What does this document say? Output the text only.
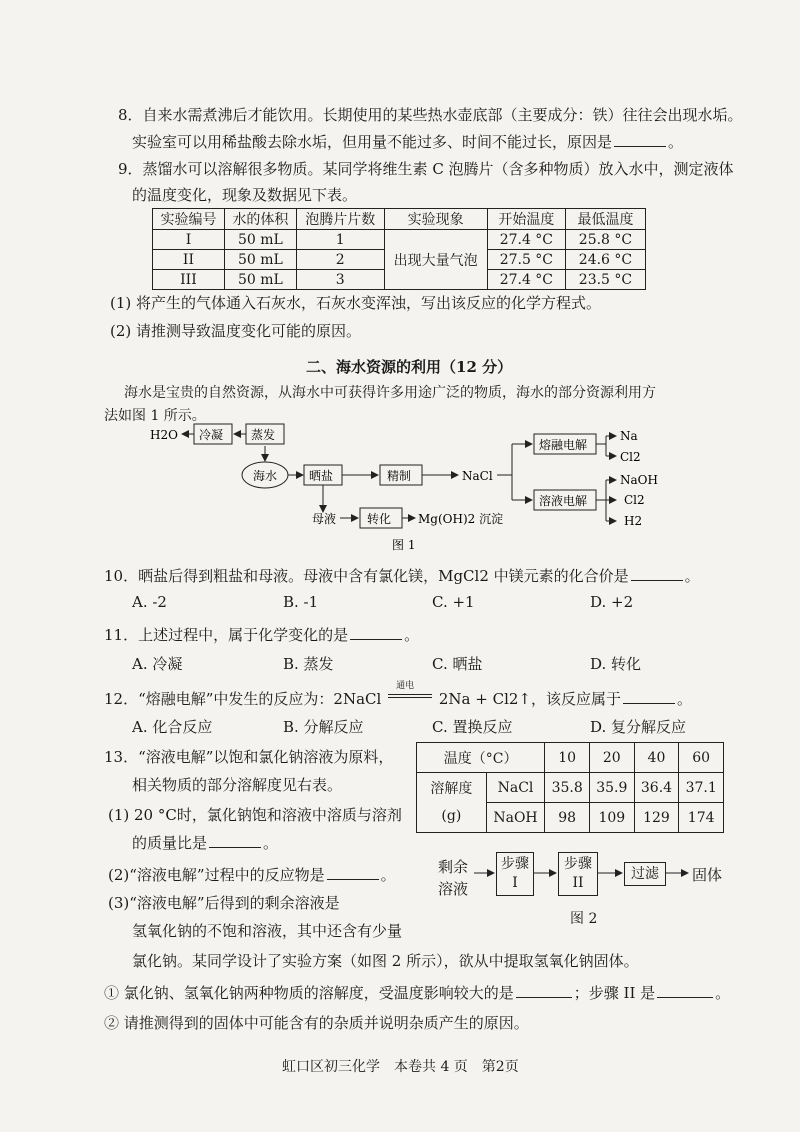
8．自来水需煮沸后才能饮用。长期使用的某些热水壶底部（主要成分：铁）往往会出现水垢。
实验室可以用稀盐酸去除水垢，但用量不能过多、时间不能过长，原因是	。
9．蒸馏水可以溶解很多物质。某同学将维生素 C 泡腾片（含多种物质）放入水中，测定液体
的温度变化，现象及数据见下表。
实验编号	水的体积	泡腾片片数	实验现象	开始温度	最低温度
I	50 mL	1	出现大量气泡	27.4 °C	25.8 °C
II	50 mL	2		27.5 °C	24.6 °C
III	50 mL	3		27.4 °C	23.5 °C
(1) 将产生的气体通入石灰水，石灰水变浑浊，写出该反应的化学方程式。
(2) 请推测导致温度变化可能的原因。
二、海水资源的利用（12 分）
海水是宝贵的自然资源，从海水中可获得许多用途广泛的物质，海水的部分资源利用方
法如图 1 所示。
H2O 冷凝 蒸发
海水	晒盐	精制	NaCl
熔融电解
溶液电解
Na
Cl2
NaOH
Cl2
H2
母液	转化 Mg(OH)2 沉淀
图 1
10．晒盐后得到粗盐和母液。母液中含有氯化镁，MgCl2 中镁元素的化合价是	。
A. -2	B. -1	C. +1	D. +2
11．上述过程中，属于化学变化的是	。
A. 冷凝	B. 蒸发	C. 晒盐	D. 转化
12．“熔融电解”中发生的反应为：2NaCl
通电
2Na + Cl2↑，该反应属于	。
A. 化合反应	B. 分解反应	C. 置换反应	D. 复分解反应
13．“溶液电解”以饱和氯化钠溶液为原料，
相关物质的部分溶解度见右表。
(1) 20 °C时，氯化钠饱和溶液中溶质与溶剂
的质量比是	。
(2)“溶液电解”过程中的反应物是	。
(3)“溶液电解”后得到的剩余溶液是
氢氧化钠的不饱和溶液，其中还含有少量
氯化钠。某同学设计了实验方案（如图 2 所示），欲从中提取氢氧化钠固体。
① 氯化钠、氢氧化钠两种物质的溶解度，受温度影响较大的是	；步骤 II 是	。
② 请推测得到的固体中可能含有的杂质并说明杂质产生的原因。
温度（°C）		10	20	40	60

溶解度
(g)	NaCl	35.8	35.9	36.4	37.1
	NaOH	98	109	129	174
剩余
溶液
步骤
I
步骤
II
过滤	固体
图 2
虹口区初三化学　本卷共 4 页　第2页
